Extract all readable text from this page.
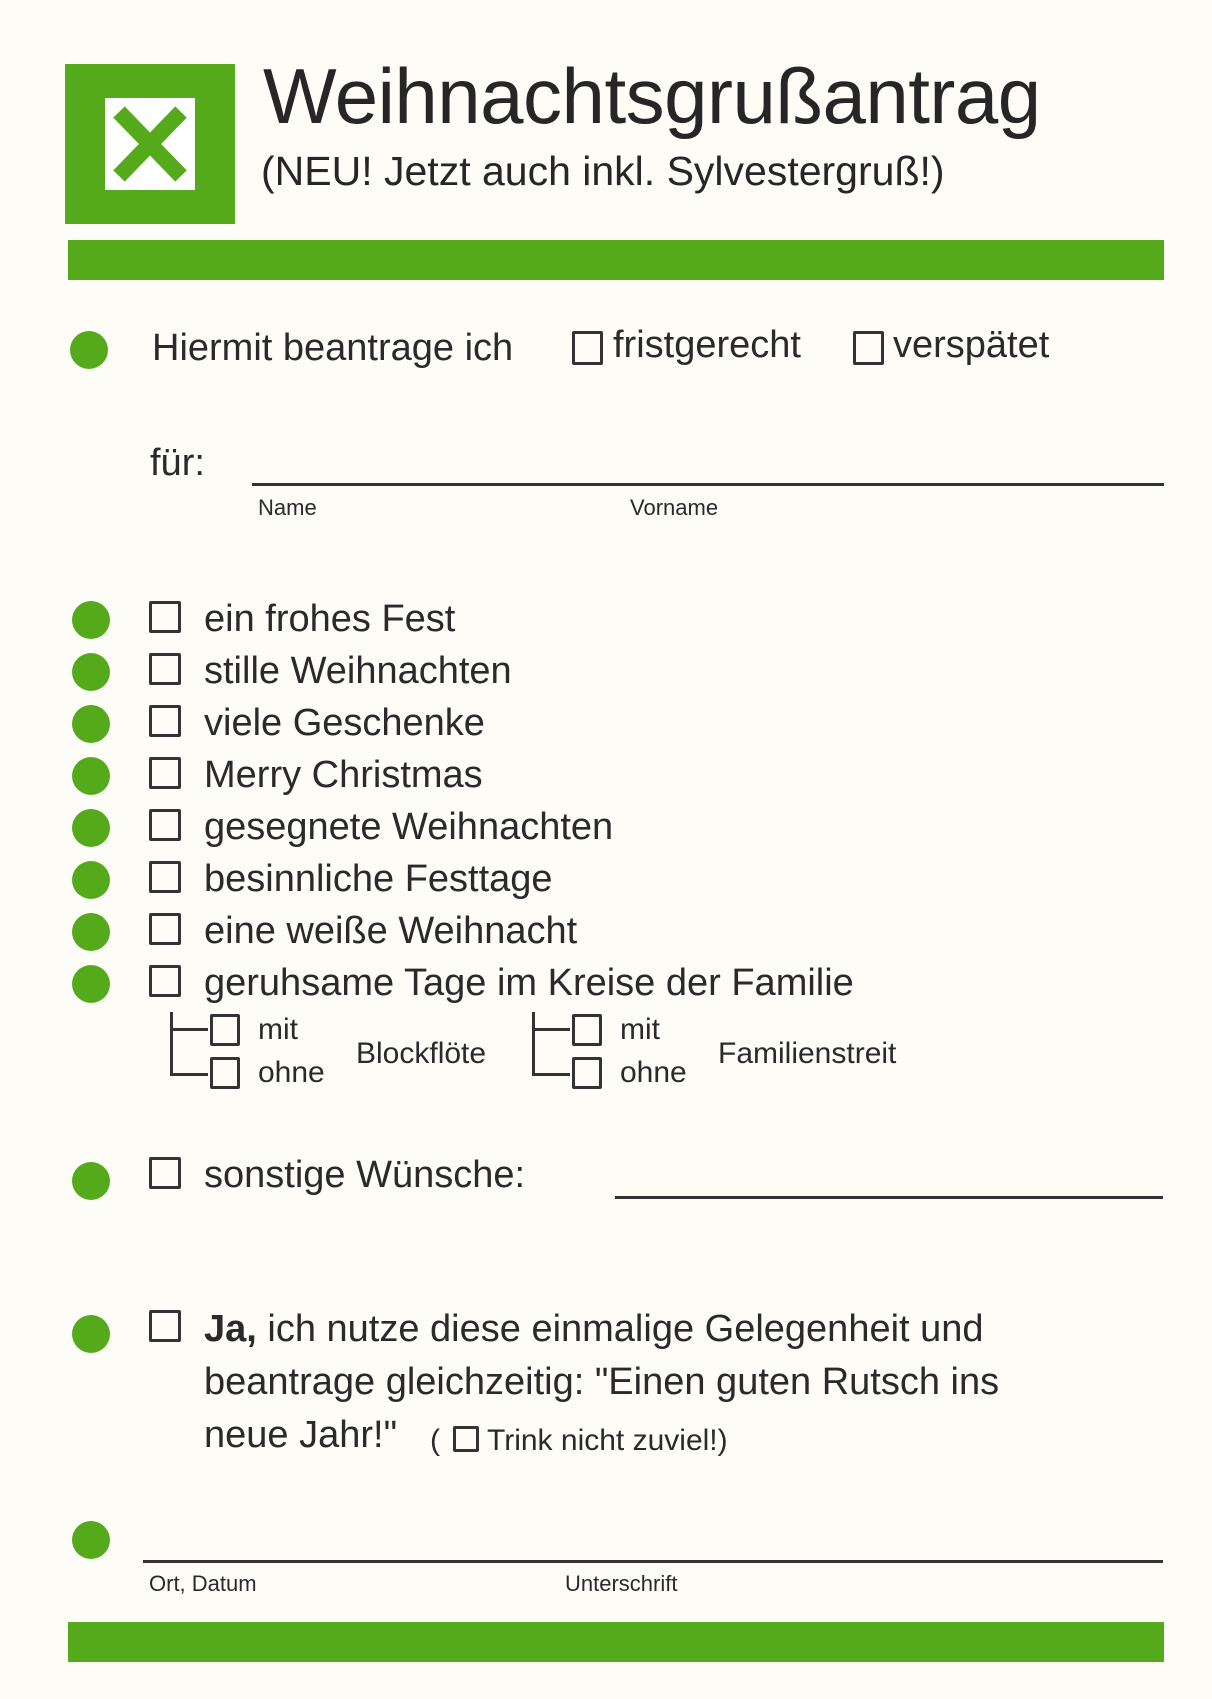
Weihnachtsgrußantrag
(NEU! Jetzt auch inkl. Sylvestergruß!)
Hiermit beantrage ich	fristgerecht verspätet
für:
Name	Vorname
ein frohes Fest
stille Weihnachten
viele Geschenke
Merry Christmas
gesegnete Weihnachten
besinnliche Festtage
eine weiße Weihnacht
geruhsame Tage im Kreise der Familie
mit
ohne
Blockflöte
mit
ohne
Familienstreit
sonstige Wünsche:
Ja, ich nutze diese einmalige Gelegenheit und
beantrage gleichzeitig: "Einen guten Rutsch ins
neue Jahr!" ( Trink nicht zuviel!)
Ort, Datum	Unterschrift
